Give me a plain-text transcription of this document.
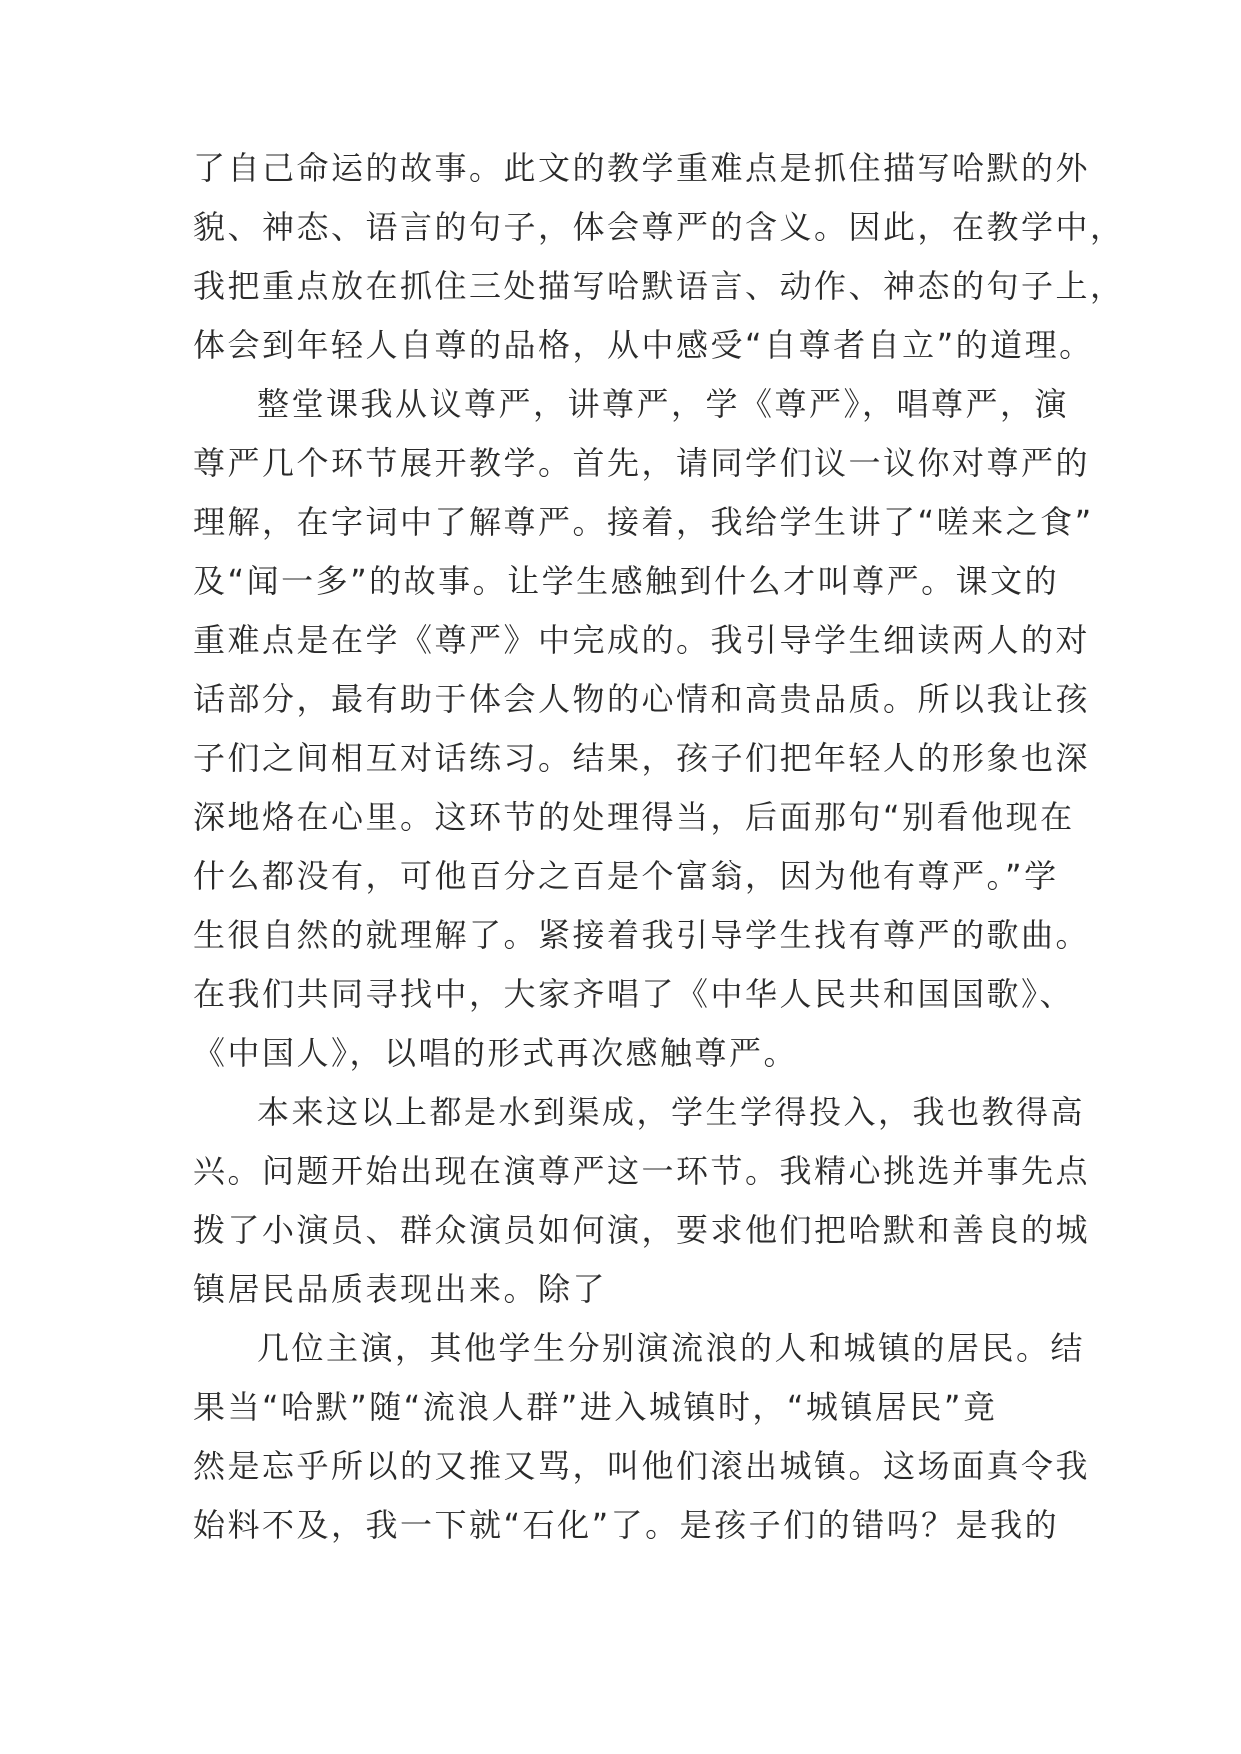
了自己命运的故事。此文的教学重难点是抓住描写哈默的外

貌、神态、语言的句子，体会尊严的含义。因此，在教学中，

我把重点放在抓住三处描写哈默语言、动作、神态的句子上，

体会到年轻人自尊的品格，从中感受“自尊者自立”的道理。

整堂课我从议尊严，讲尊严，学《尊严》，唱尊严，演

尊严几个环节展开教学。首先，请同学们议一议你对尊严的

理解，在字词中了解尊严。接着，我给学生讲了“嗟来之食”

及“闻一多”的故事。让学生感触到什么才叫尊严。课文的

重难点是在学《尊严》中完成的。我引导学生细读两人的对

话部分，最有助于体会人物的心情和高贵品质。所以我让孩

子们之间相互对话练习。结果，孩子们把年轻人的形象也深

深地烙在心里。这环节的处理得当，后面那句“别看他现在

什么都没有，可他百分之百是个富翁，因为他有尊严。”学

生很自然的就理解了。紧接着我引导学生找有尊严的歌曲。

在我们共同寻找中，大家齐唱了《中华人民共和国国歌》、

《中国人》，以唱的形式再次感触尊严。

本来这以上都是水到渠成，学生学得投入，我也教得高

兴。问题开始出现在演尊严这一环节。我精心挑选并事先点

拨了小演员、群众演员如何演，要求他们把哈默和善良的城

镇居民品质表现出来。除了

几位主演，其他学生分别演流浪的人和城镇的居民。结

果当“哈默”随“流浪人群”进入城镇时，“城镇居民”竟

然是忘乎所以的又推又骂，叫他们滚出城镇。这场面真令我

始料不及，我一下就“石化”了。是孩子们的错吗？是我的
